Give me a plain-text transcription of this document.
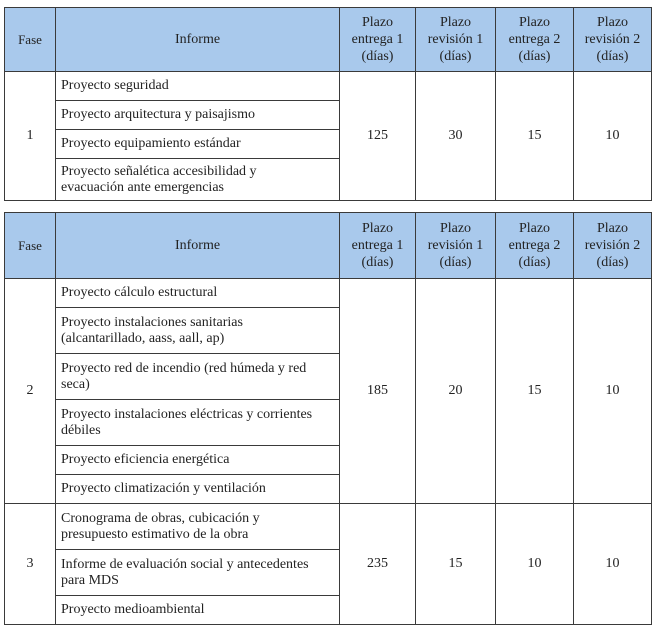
Fase	Informe	Plazo
entrega 1
(días)	Plazo
revisión 1
(días)	Plazo
entrega 2
(días)	Plazo
revisión 2
(días)
1	Proyecto seguridad	125	30	15	10
	Proyecto arquitectura y paisajismo				
	Proyecto equipamiento estándar				
	Proyecto señalética accesibilidad y
evacuación ante emergencias				
Fase	Informe	Plazo
entrega 1
(días)	Plazo
revisión 1
(días)	Plazo
entrega 2
(días)	Plazo
revisión 2
(días)
2	Proyecto cálculo estructural	185	20	15	10
	Proyecto instalaciones sanitarias
(alcantarillado, aass, aall, ap)				
	Proyecto red de incendio (red húmeda y red
seca)				
	Proyecto instalaciones eléctricas y corrientes
débiles				
	Proyecto eficiencia energética				
	Proyecto climatización y ventilación				
3	Cronograma de obras, cubicación y
presupuesto estimativo de la obra	235	15	10	10
	Informe de evaluación social y antecedentes
para MDS				
	Proyecto medioambiental				
